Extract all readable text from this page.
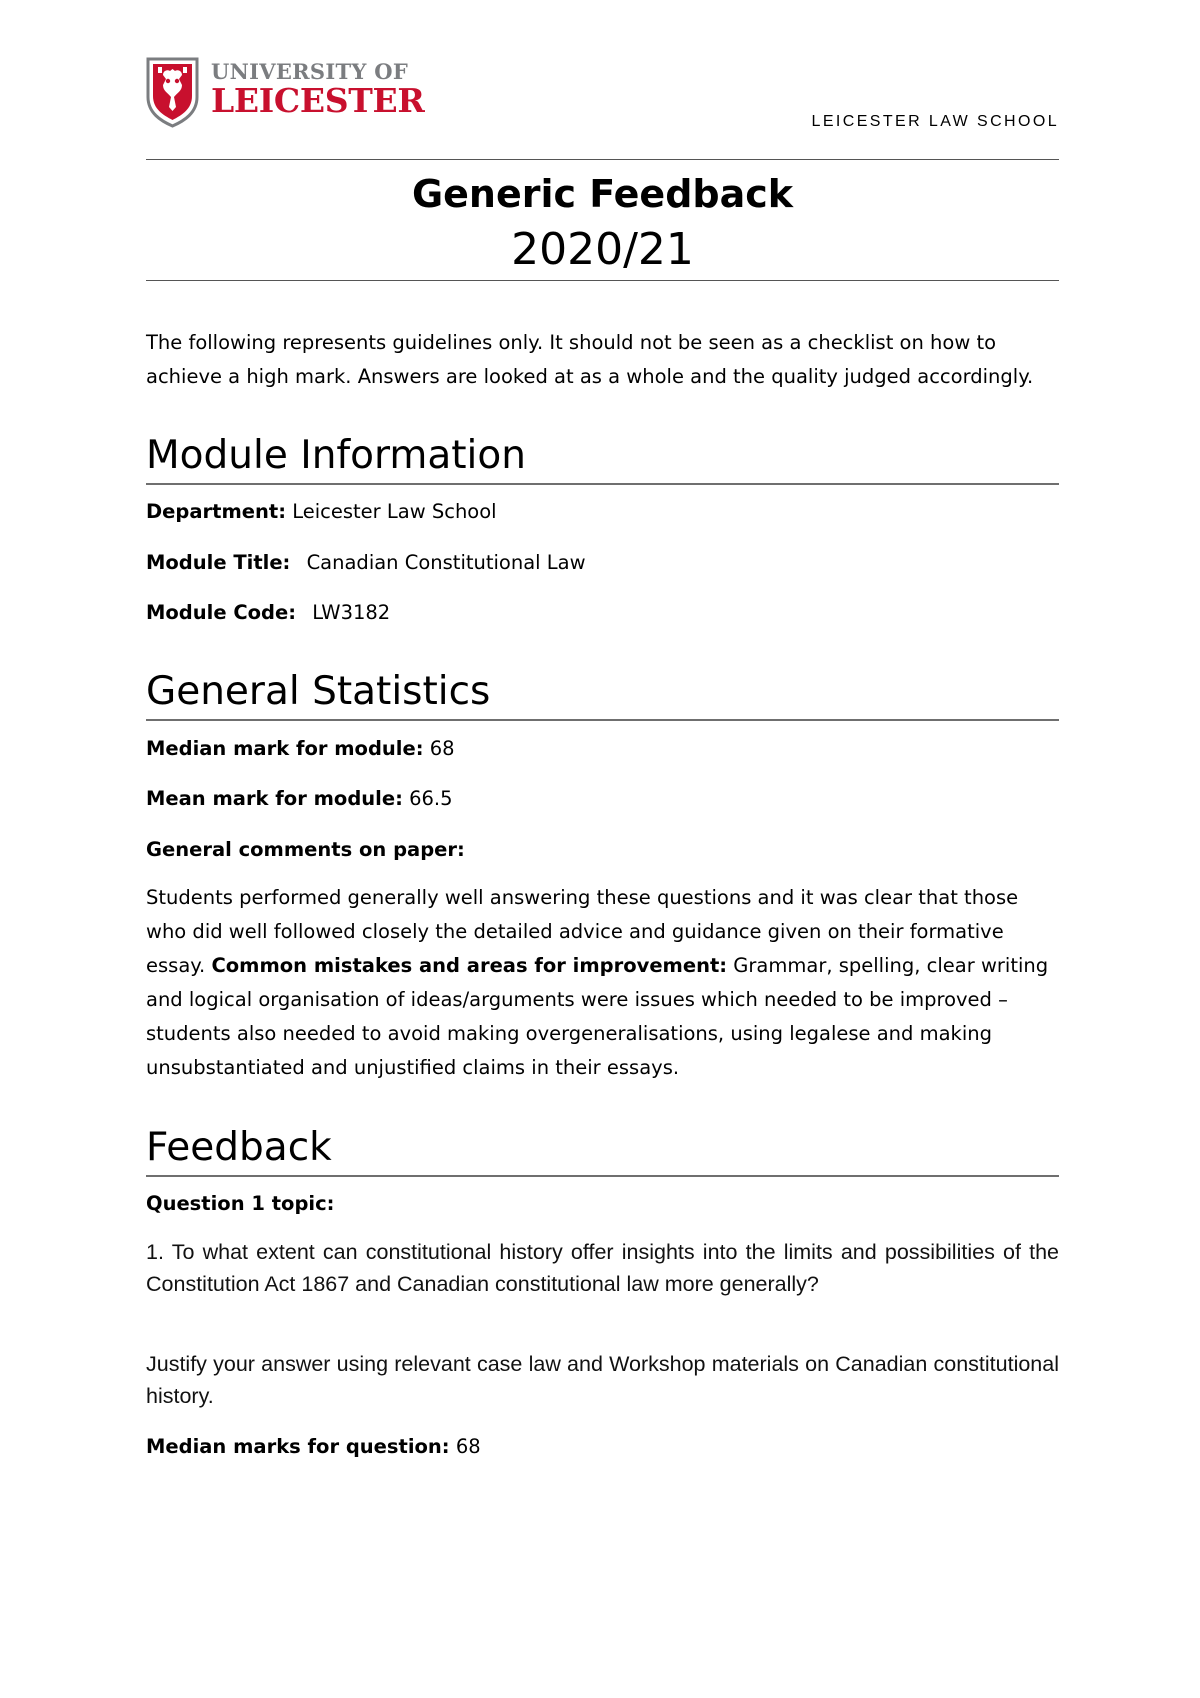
UNIVERSITY OF
LEICESTER
LEICESTER LAW SCHOOL
Generic Feedback
2020/21
The following represents guidelines only. It should not be seen as a checklist on how to achieve a high mark. Answers are looked at as a whole and the quality judged accordingly.
Module Information
Department: Leicester Law School
Module Title: Canadian Constitutional Law
Module Code: LW3182
General Statistics
Median mark for module: 68
Mean mark for module: 66.5
General comments on paper:
Students performed generally well answering these questions and it was clear that those who did well followed closely the detailed advice and guidance given on their formative essay. Common mistakes and areas for improvement: Grammar, spelling, clear writing and logical organisation of ideas/arguments were issues which needed to be improved – students also needed to avoid making overgeneralisations, using legalese and making unsubstantiated and unjustified claims in their essays.
Feedback
Question 1 topic:
1. To what extent can constitutional history offer insights into the limits and possibilities of the Constitution Act 1867 and Canadian constitutional law more generally?
Justify your answer using relevant case law and Workshop materials on Canadian constitutional history.
Median marks for question: 68
